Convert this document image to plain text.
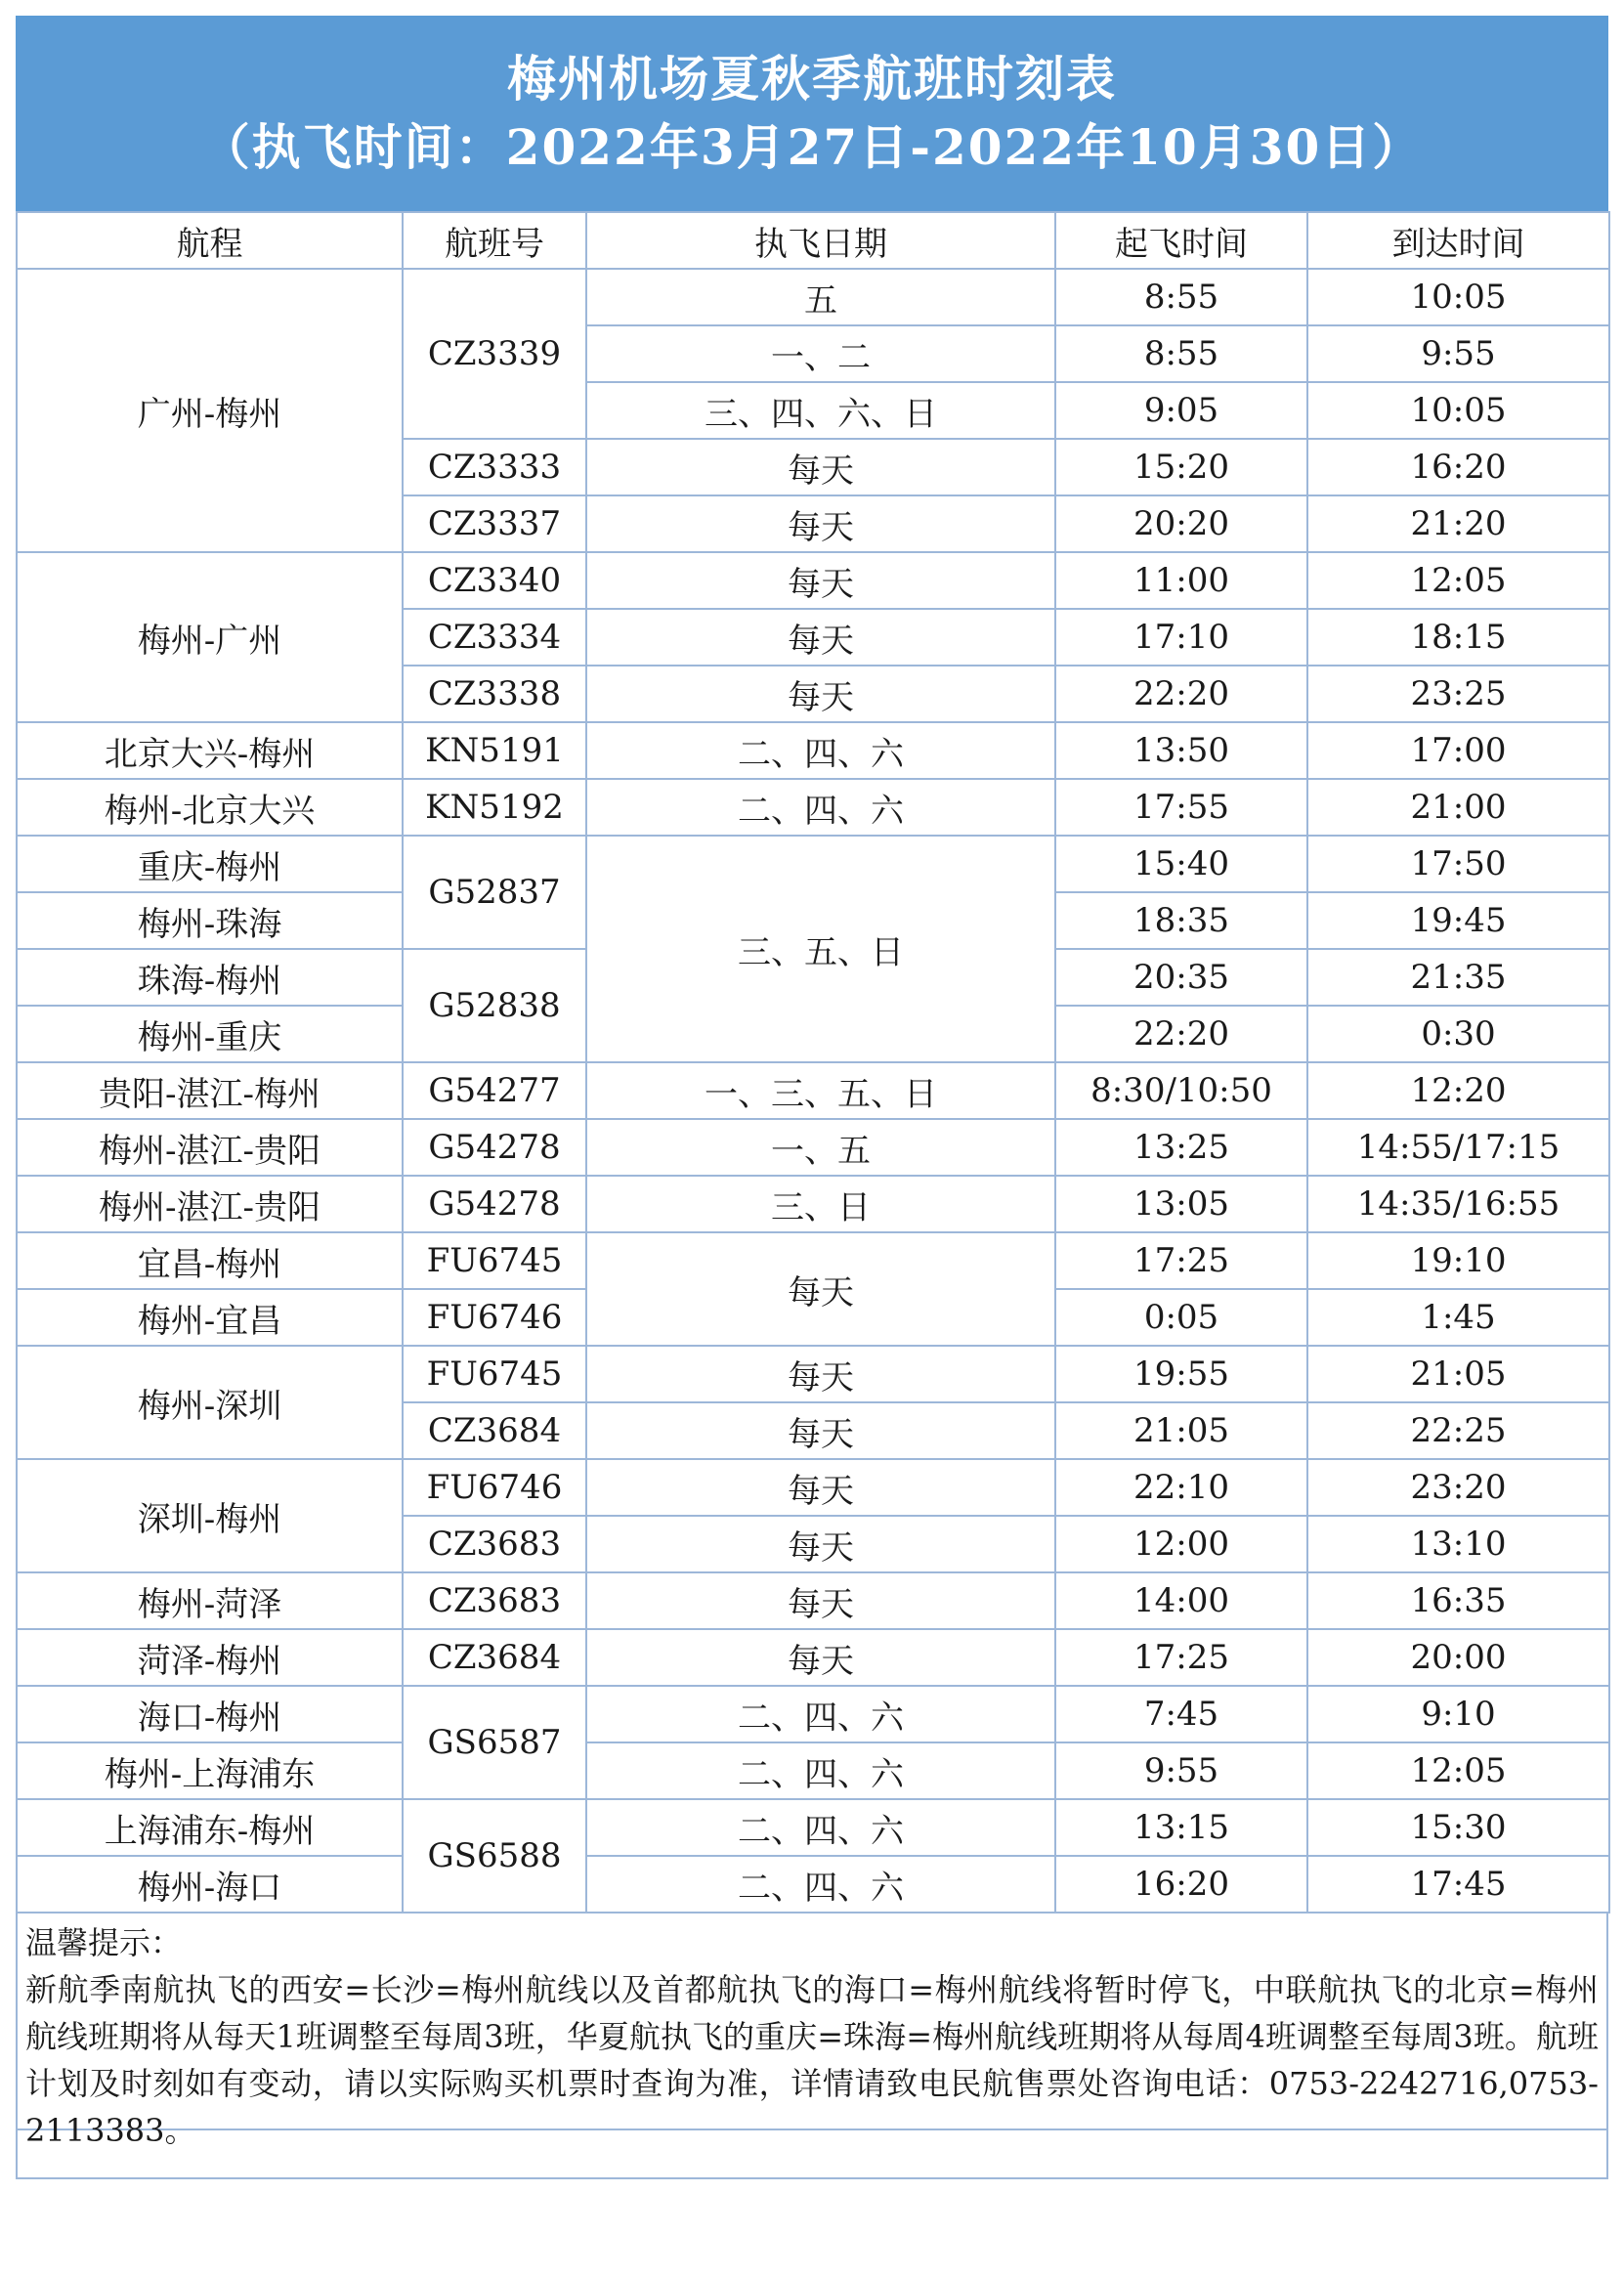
梅州机场夏秋季航班时刻表
（执飞时间：2022年3月27日-2022年10月30日）
航程	航班号	执飞日期	起飞时间	到达时间
广州-梅州	CZ3339	五	8:55	10:05
		一、二	8:55	9:55
		三、四、六、日	9:05	10:05
	CZ3333	每天	15:20	16:20
	CZ3337	每天	20:20	21:20
梅州-广州	CZ3340	每天	11:00	12:05
	CZ3334	每天	17:10	18:15
	CZ3338	每天	22:20	23:25
北京大兴-梅州	KN5191	二、四、六	13:50	17:00
梅州-北京大兴	KN5192	二、四、六	17:55	21:00
重庆-梅州	G52837	三、五、日	15:40	17:50
梅州-珠海			18:35	19:45
珠海-梅州	G52838		20:35	21:35
梅州-重庆			22:20	0:30
贵阳-湛江-梅州	G54277	一、三、五、日	8:30/10:50	12:20
梅州-湛江-贵阳	G54278	一、五	13:25	14:55/17:15
梅州-湛江-贵阳	G54278	三、日	13:05	14:35/16:55
宜昌-梅州	FU6745	每天	17:25	19:10
梅州-宜昌	FU6746		0:05	1:45
梅州-深圳	FU6745	每天	19:55	21:05
	CZ3684	每天	21:05	22:25
深圳-梅州	FU6746	每天	22:10	23:20
	CZ3683	每天	12:00	13:10
梅州-菏泽	CZ3683	每天	14:00	16:35
菏泽-梅州	CZ3684	每天	17:25	20:00
海口-梅州	GS6587	二、四、六	7:45	9:10
梅州-上海浦东		二、四、六	9:55	12:05
上海浦东-梅州	GS6588	二、四、六	13:15	15:30
梅州-海口		二、四、六	16:20	17:45
温馨提示：
新航季南航执飞的西安=长沙=梅州航线以及首都航执飞的海口=梅州航线将暂时停飞，中联航执飞的北京=梅州航线班期将从每天1班调整至每周3班，华夏航执飞的重庆=珠海=梅州航线班期将从每周4班调整至每周3班。航班计划及时刻如有变动，请以实际购买机票时查询为准，详情请致电民航售票处咨询电话：0753-2242716,0753-2113383。
